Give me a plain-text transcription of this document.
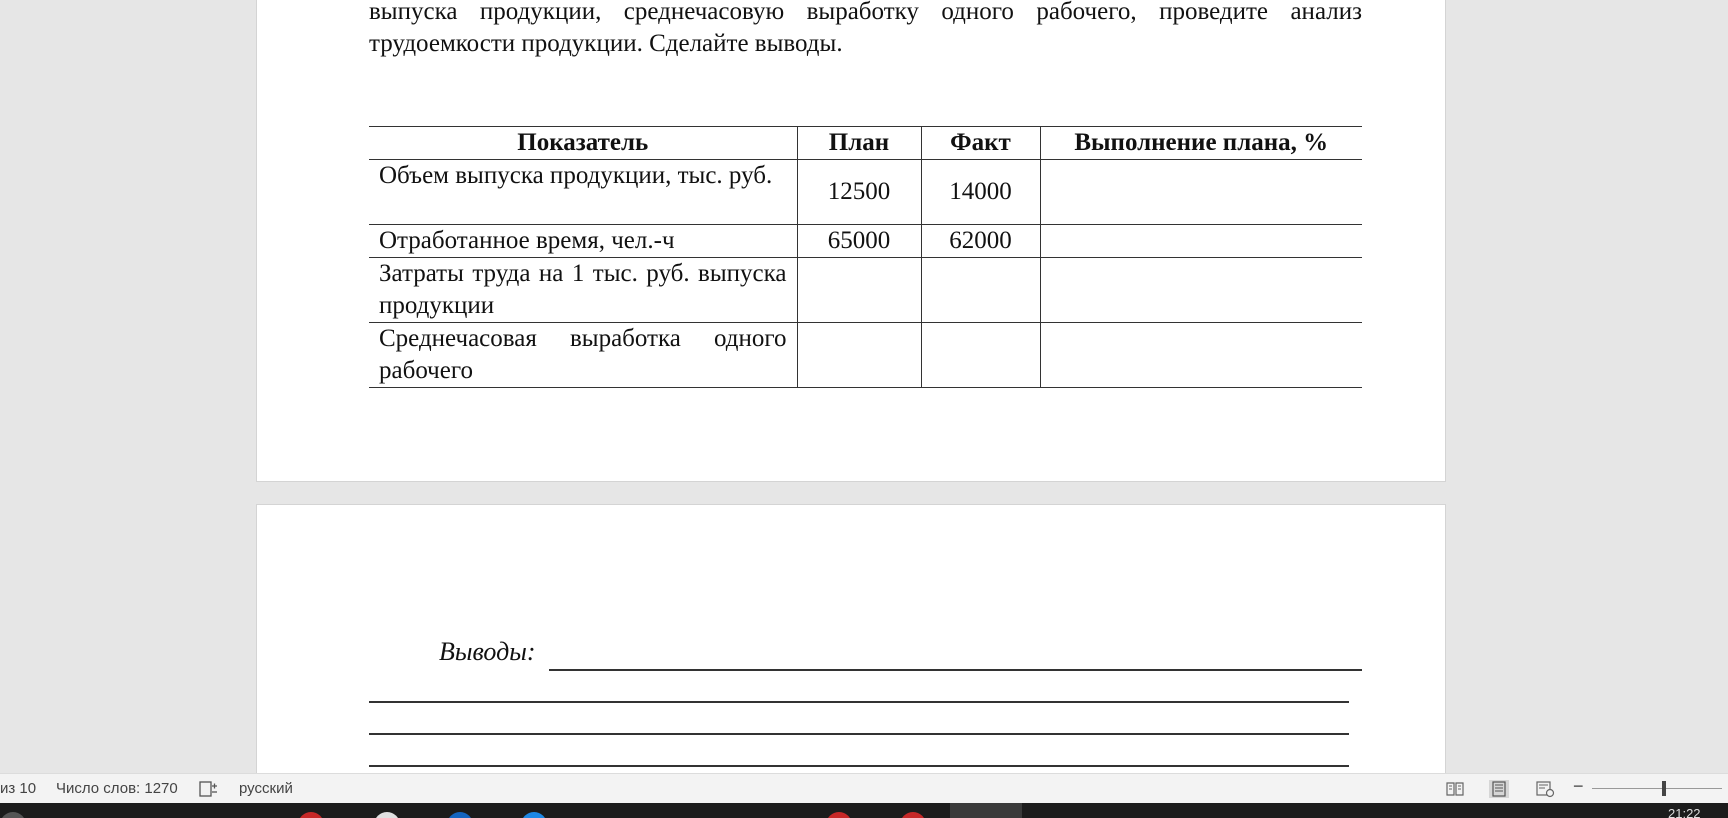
выпуска продукции, среднечасовую выработку одного рабочего, проведите анализ
трудоемкости продукции. Сделайте выводы.
Показатель	План	Факт	Выполнение плана, %
Объем выпуска продукции, тыс. руб.	12500	14000	
Отработанное время, чел.-ч	65000	62000	
Затраты труда на 1 тыс. руб. выпуска продукции			
Среднечасовая выработка одного рабочего			
Выводы:
из 10 Число слов: 1270	русский	−
21:22
